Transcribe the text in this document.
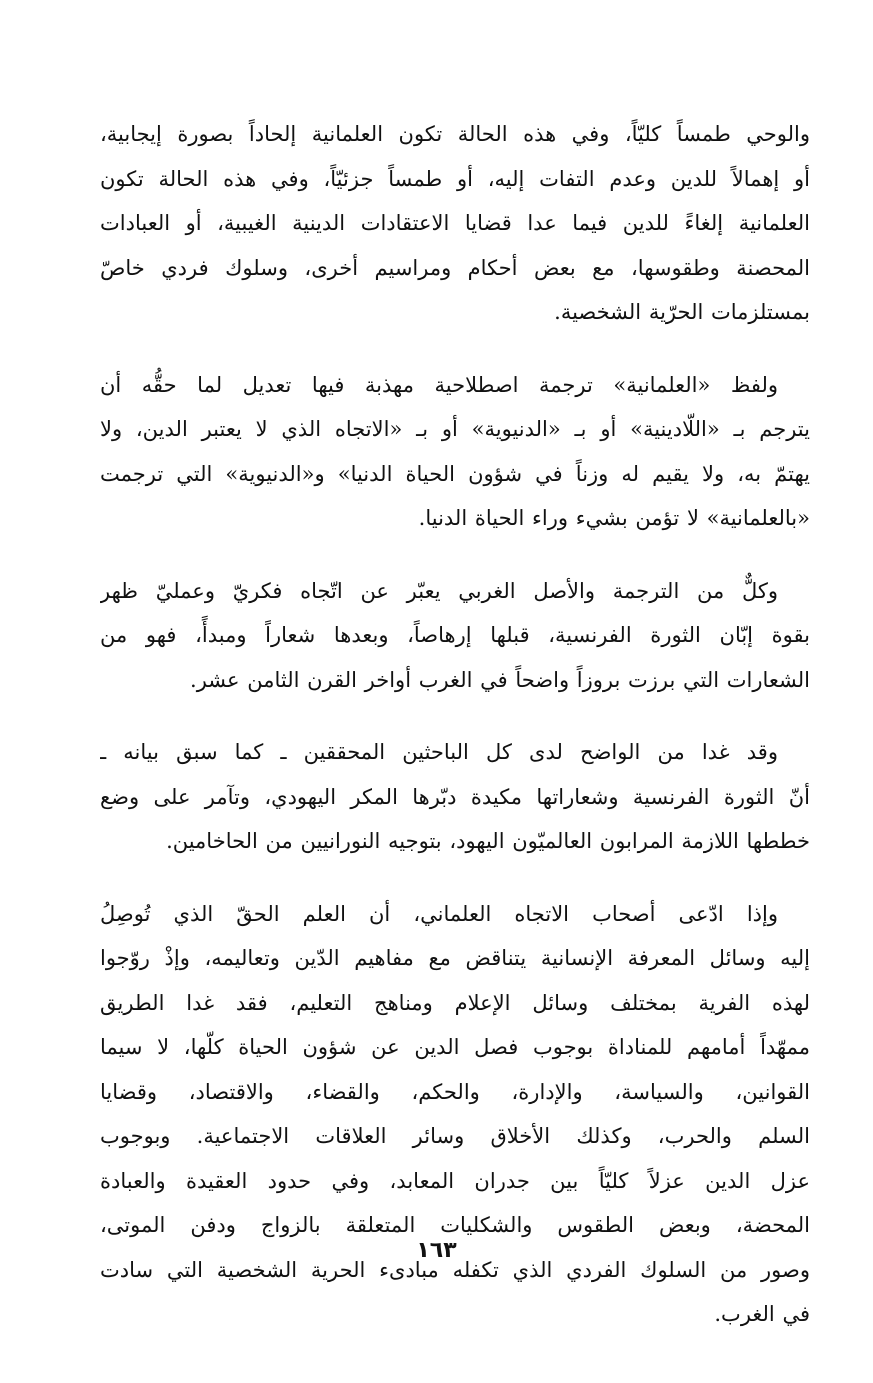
والوحي طمساً كليّاً، وفي هذه الحالة تكون العلمانية إلحاداً بصورة إيجابية،
أو إهمالاً للدين وعدم التفات إليه، أو طمساً جزئيّاً، وفي هذه الحالة تكون
العلمانية إلغاءً للدين فيما عدا قضايا الاعتقادات الدينية الغيبية، أو العبادات
المحصنة وطقوسها، مع بعض أحكام ومراسيم أخرى، وسلوك فردي خاصّ
بمستلزمات الحرّية الشخصية.
ولفظ «العلمانية» ترجمة اصطلاحية مهذبة فيها تعديل لما حقُّه أن
يترجم بـ «اللّادينية» أو بـ «الدنيوية» أو بـ «الاتجاه الذي لا يعتبر الدين، ولا
يهتمّ به، ولا يقيم له وزناً في شؤون الحياة الدنيا» و«الدنيوية» التي ترجمت
«بالعلمانية» لا تؤمن بشيء وراء الحياة الدنيا.
وكلٌّ من الترجمة والأصل الغربي يعبّر عن اتّجاه فكريّ وعمليّ ظهر
بقوة إبّان الثورة الفرنسية، قبلها إرهاصاً، وبعدها شعاراً ومبدأً، فهو من
الشعارات التي برزت بروزاً واضحاً في الغرب أواخر القرن الثامن عشر.
وقد غدا من الواضح لدى كل الباحثين المحققين ـ كما سبق بيانه ـ
أنّ الثورة الفرنسية وشعاراتها مكيدة دبّرها المكر اليهودي، وتآمر على وضع
خططها اللازمة المرابون العالميّون اليهود، بتوجيه النورانيين من الحاخامين.
وإذا ادّعى أصحاب الاتجاه العلماني، أن العلم الحقّ الذي تُوصِلُ
إليه وسائل المعرفة الإنسانية يتناقض مع مفاهيم الدّين وتعاليمه، وإذْ روّجوا
لهذه الفرية بمختلف وسائل الإعلام ومناهج التعليم، فقد غدا الطريق
ممهّداً أمامهم للمناداة بوجوب فصل الدين عن شؤون الحياة كلّها، لا سيما
القوانين، والسياسة، والإدارة، والحكم، والقضاء، والاقتصاد، وقضايا
السلم والحرب، وكذلك الأخلاق وسائر العلاقات الاجتماعية. وبوجوب
عزل الدين عزلاً كليّاً بين جدران المعابد، وفي حدود العقيدة والعبادة
المحضة، وبعض الطقوس والشكليات المتعلقة بالزواج ودفن الموتى،
وصور من السلوك الفردي الذي تكفله مبادىء الحرية الشخصية التي سادت
في الغرب.
١٦٣
